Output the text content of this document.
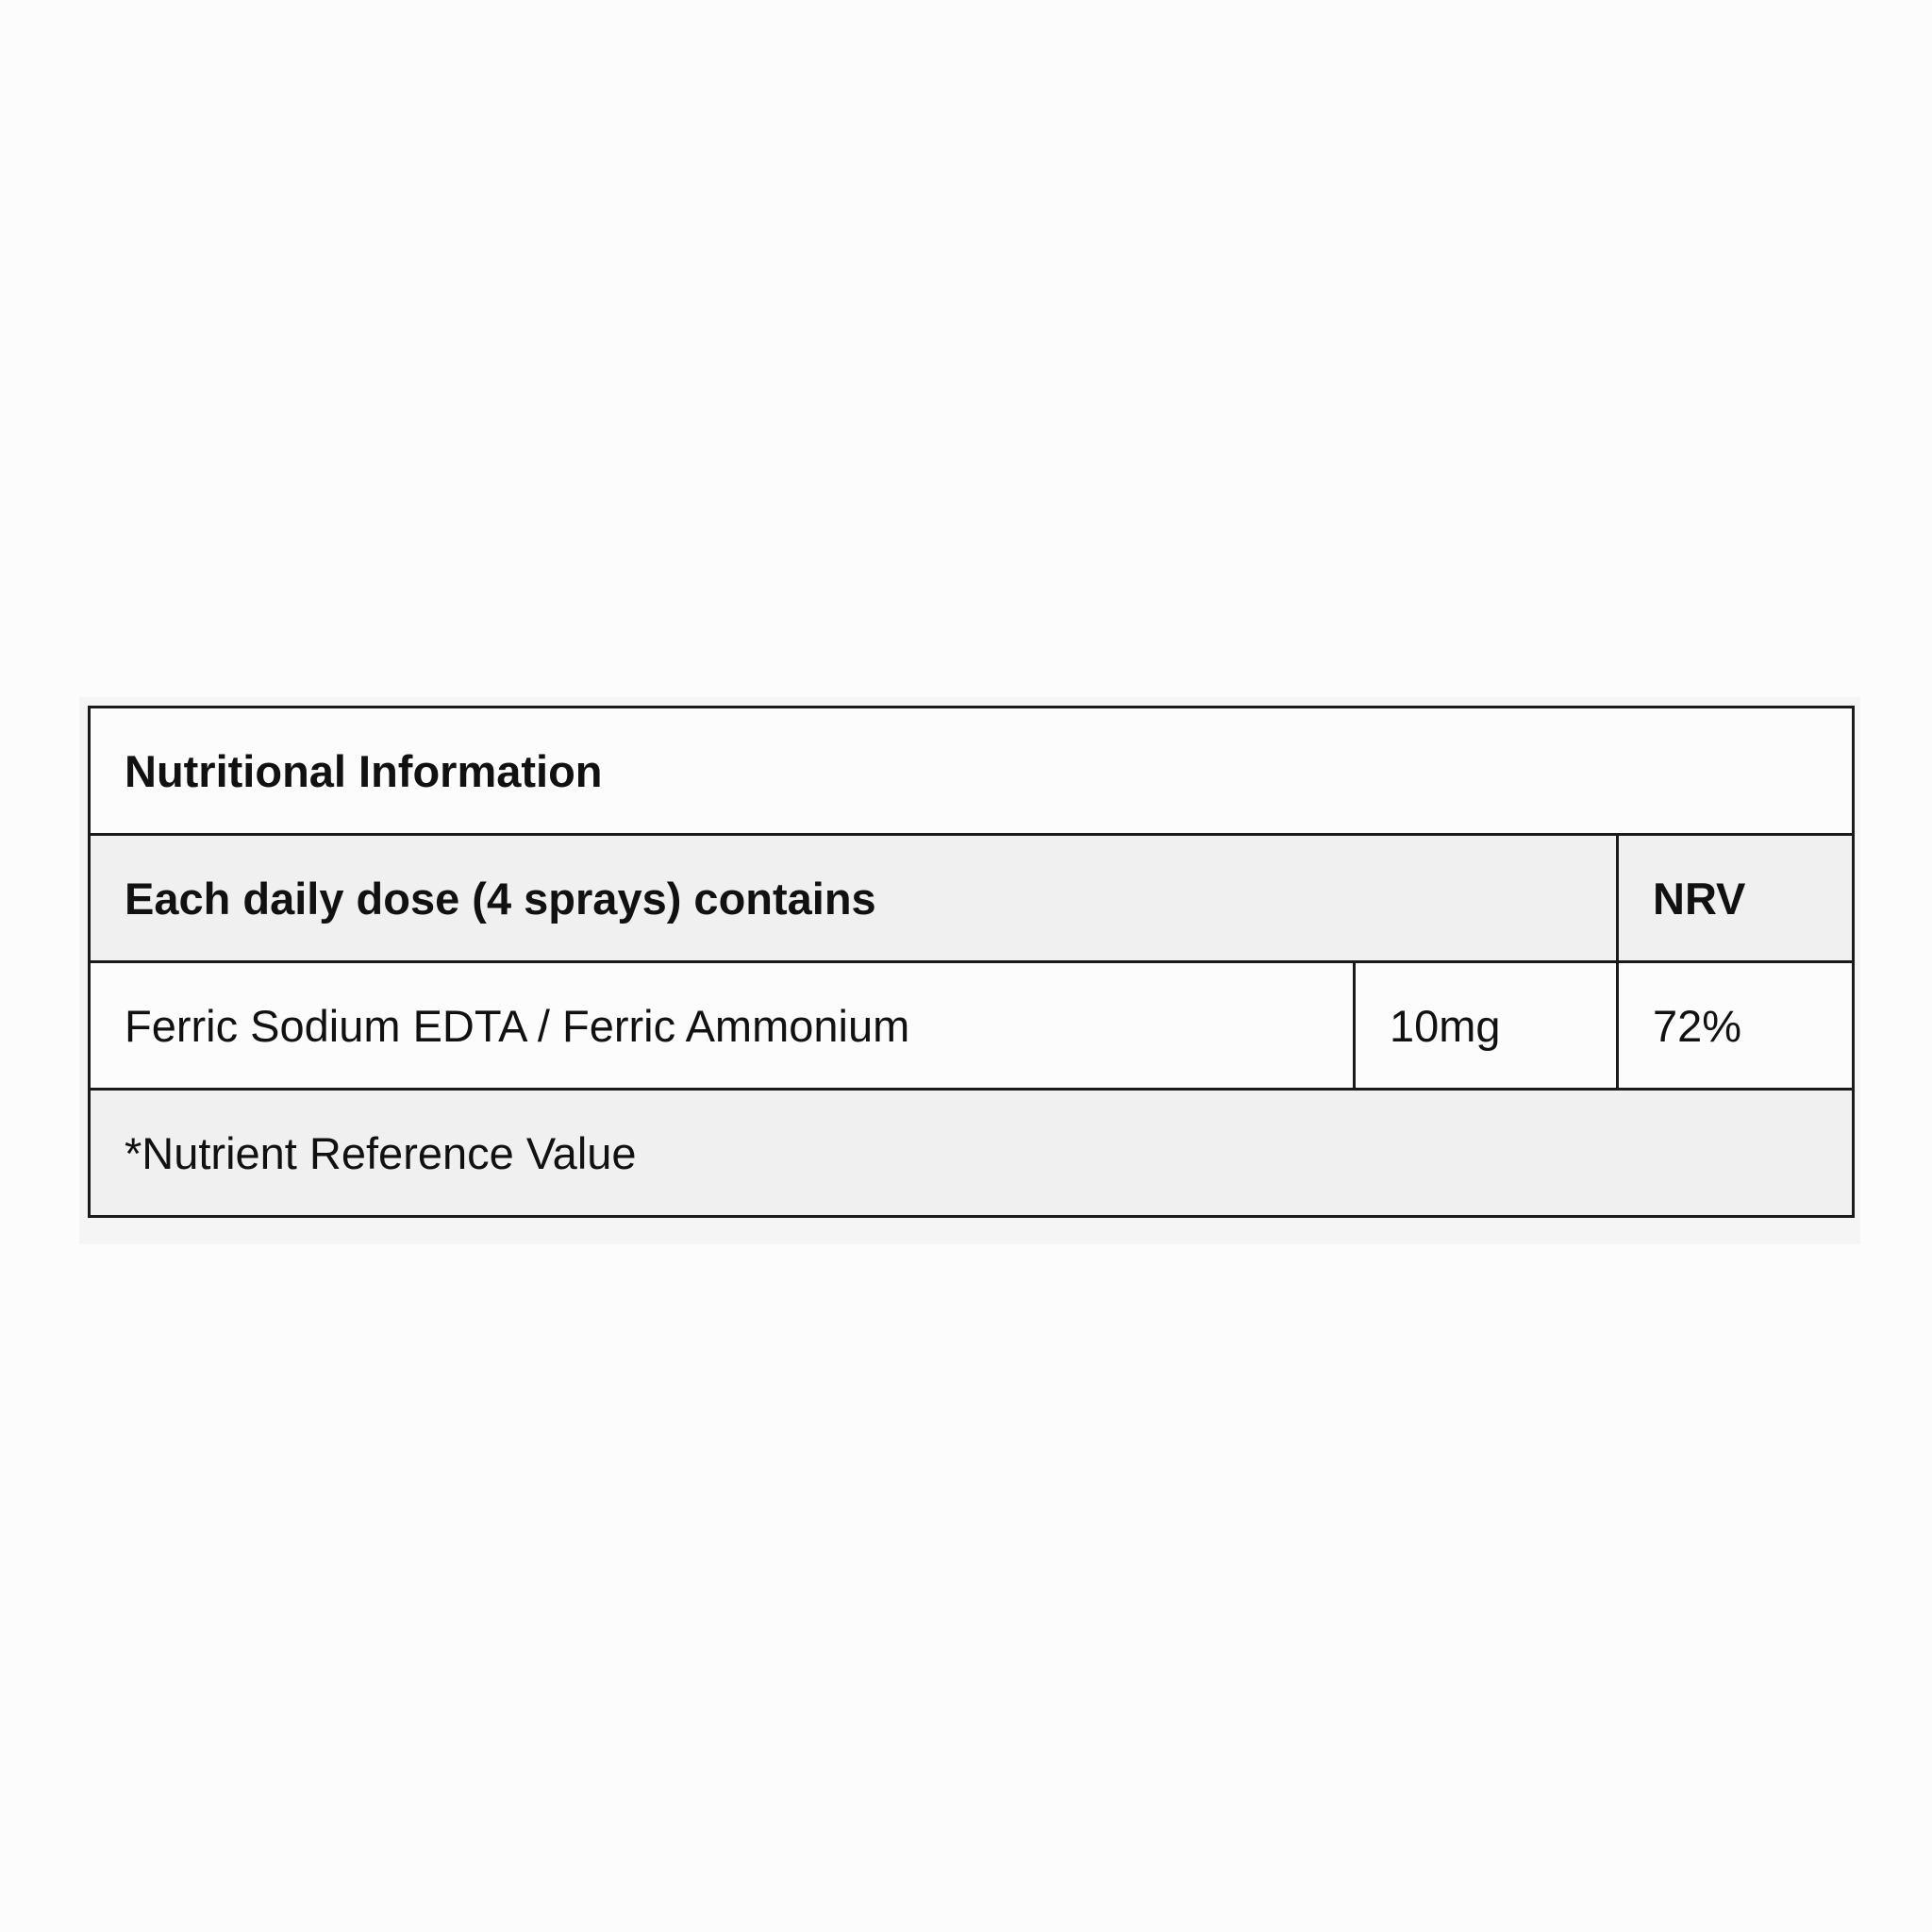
Nutritional Information		
Each daily dose (4 sprays) contains		NRV
Ferric Sodium EDTA / Ferric Ammonium	10mg	72%
*Nutrient Reference Value		
